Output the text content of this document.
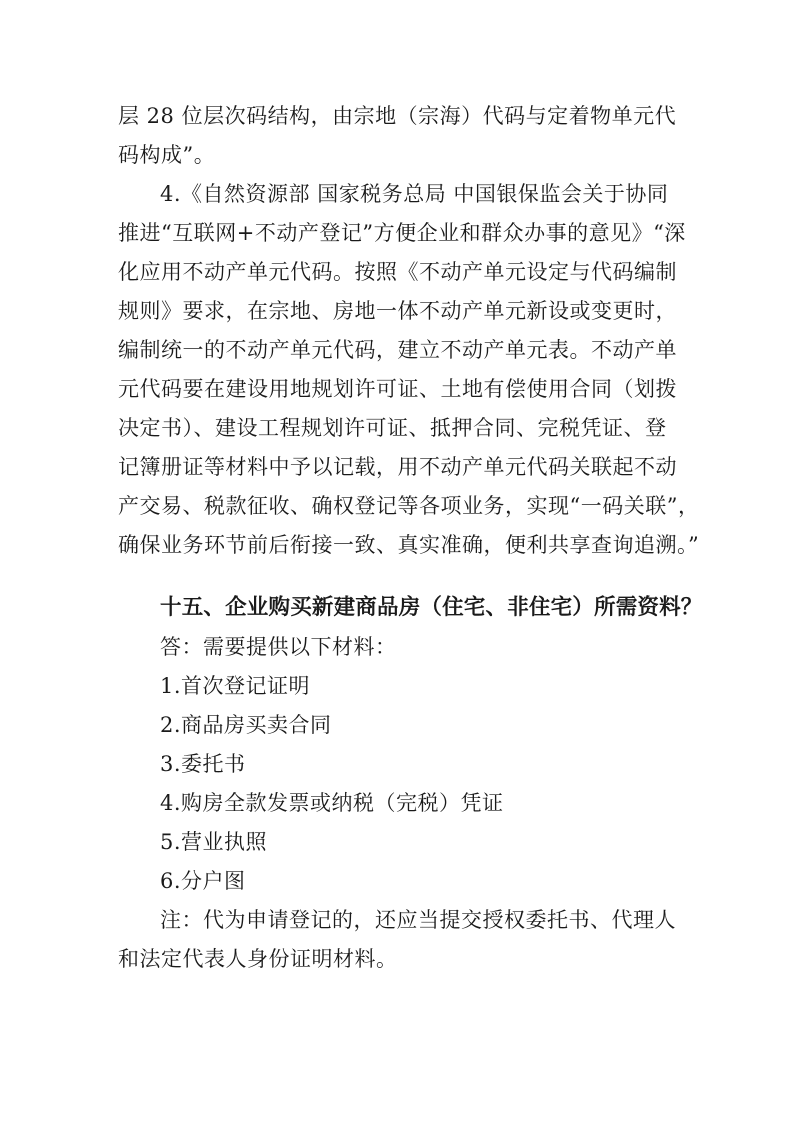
层 28 位层次码结构，由宗地（宗海）代码与定着物单元代
码构成”。
4.《自然资源部 国家税务总局 中国银保监会关于协同
推进“互联网+不动产登记”方便企业和群众办事的意见》“深
化应用不动产单元代码。按照《不动产单元设定与代码编制
规则》要求，在宗地、房地一体不动产单元新设或变更时，
编制统一的不动产单元代码，建立不动产单元表。不动产单
元代码要在建设用地规划许可证、土地有偿使用合同（划拨
决定书）、建设工程规划许可证、抵押合同、完税凭证、登
记簿册证等材料中予以记载，用不动产单元代码关联起不动
产交易、税款征收、确权登记等各项业务，实现“一码关联”，
确保业务环节前后衔接一致、真实准确，便利共享查询追溯。”
十五、企业购买新建商品房（住宅、非住宅）所需资料？
答：需要提供以下材料：
1.首次登记证明
2.商品房买卖合同
3.委托书
4.购房全款发票或纳税（完税）凭证
5.营业执照
6.分户图
注：代为申请登记的，还应当提交授权委托书、代理人
和法定代表人身份证明材料。
